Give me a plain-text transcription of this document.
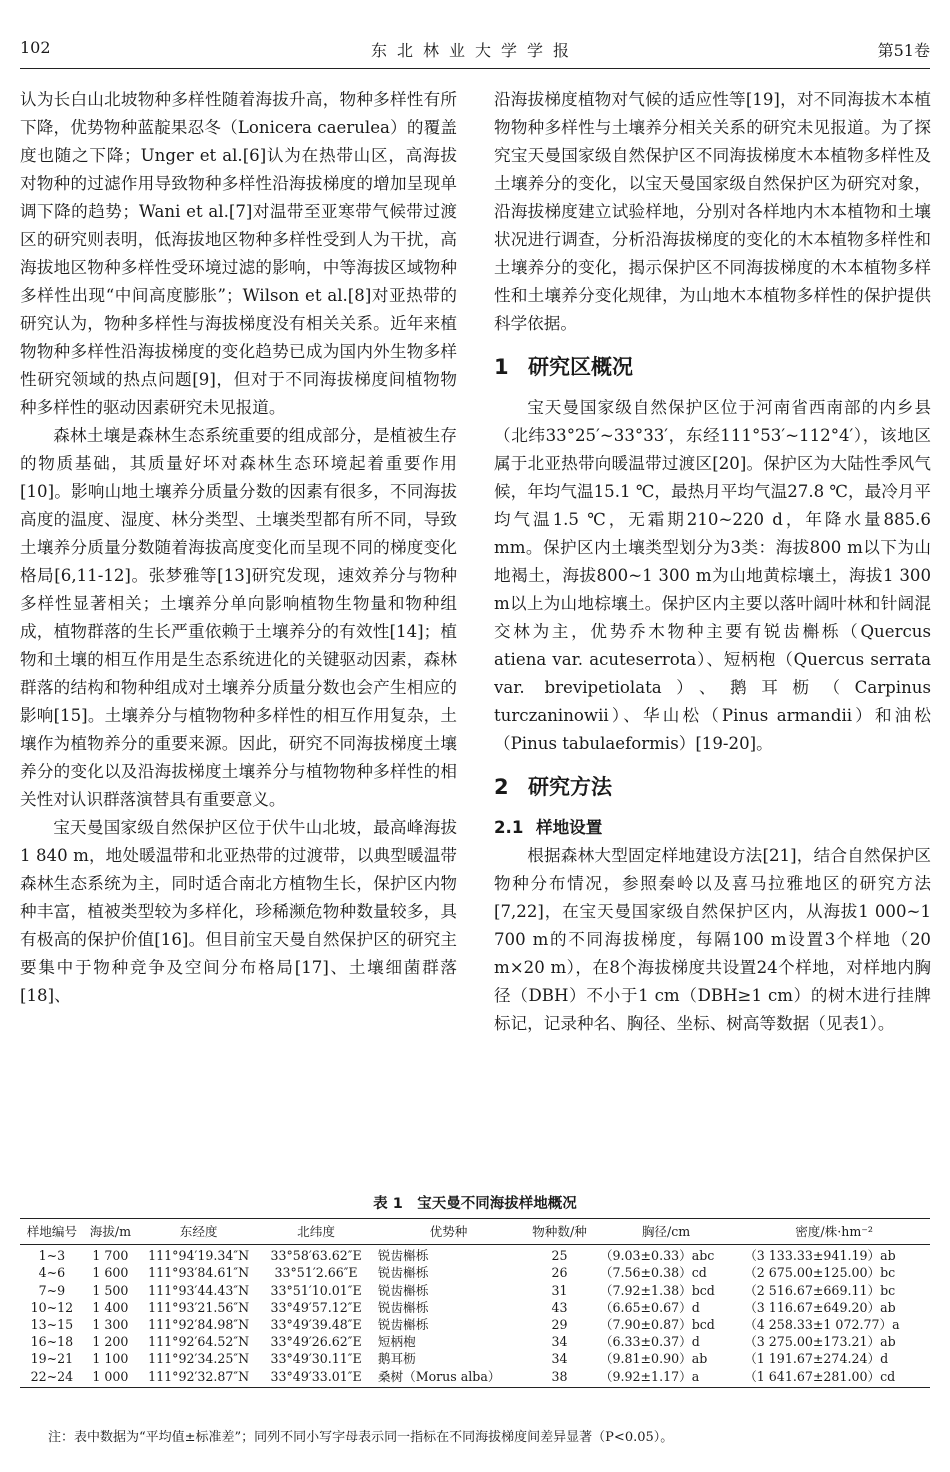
102	东北林业大学学报	第51卷

认为长白山北坡物种多样性随着海拔升高，物种多样性有所下降，优势物种蓝靛果忍冬（Lonicera caerulea）的覆盖度也随之下降；Unger et al.[6]认为在热带山区，高海拔对物种的过滤作用导致物种多样性沿海拔梯度的增加呈现单调下降的趋势；Wani et al.[7]对温带至亚寒带气候带过渡区的研究则表明，低海拔地区物种多样性受到人为干扰，高海拔地区物种多样性受环境过滤的影响，中等海拔区域物种多样性出现“中间高度膨胀”；Wilson et al.[8]对亚热带的研究认为，物种多样性与海拔梯度没有相关关系。近年来植物物种多样性沿海拔梯度的变化趋势已成为国内外生物多样性研究领域的热点问题[9]，但对于不同海拔梯度间植物物种多样性的驱动因素研究未见报道。

森林土壤是森林生态系统重要的组成部分，是植被生存的物质基础，其质量好坏对森林生态环境起着重要作用[10]。影响山地土壤养分质量分数的因素有很多，不同海拔高度的温度、湿度、林分类型、土壤类型都有所不同，导致土壤养分质量分数随着海拔高度变化而呈现不同的梯度变化格局[6,11-12]。张梦雅等[13]研究发现，速效养分与物种多样性显著相关；土壤养分单向影响植物生物量和物种组成，植物群落的生长严重依赖于土壤养分的有效性[14]；植物和土壤的相互作用是生态系统进化的关键驱动因素，森林群落的结构和物种组成对土壤养分质量分数也会产生相应的影响[15]。土壤养分与植物物种多样性的相互作用复杂，土壤作为植物养分的重要来源。因此，研究不同海拔梯度土壤养分的变化以及沿海拔梯度土壤养分与植物物种多样性的相关性对认识群落演替具有重要意义。

宝天曼国家级自然保护区位于伏牛山北坡，最高峰海拔1 840 m，地处暖温带和北亚热带的过渡带，以典型暖温带森林生态系统为主，同时适合南北方植物生长，保护区内物种丰富，植被类型较为多样化，珍稀濒危物种数量较多，具有极高的保护价值[16]。但目前宝天曼自然保护区的研究主要集中于物种竞争及空间分布格局[17]、土壤细菌群落[18]、

沿海拔梯度植物对气候的适应性等[19]，对不同海拔木本植物物种多样性与土壤养分相关关系的研究未见报道。为了探究宝天曼国家级自然保护区不同海拔梯度木本植物多样性及土壤养分的变化，以宝天曼国家级自然保护区为研究对象，沿海拔梯度建立试验样地，分别对各样地内木本植物和土壤状况进行调查，分析沿海拔梯度的变化的木本植物多样性和土壤养分的变化，揭示保护区不同海拔梯度的木本植物多样性和土壤养分变化规律，为山地木本植物多样性的保护提供科学依据。

1 研究区概况

宝天曼国家级自然保护区位于河南省西南部的内乡县（北纬33°25′~33°33′，东经111°53′~112°4′），该地区属于北亚热带向暖温带过渡区[20]。保护区为大陆性季风气候，年均气温15.1 ℃，最热月平均气温27.8 ℃，最冷月平均气温1.5 ℃，无霜期210~220 d，年降水量885.6 mm。保护区内土壤类型划分为3类：海拔800 m以下为山地褐土，海拔800~1 300 m为山地黄棕壤土，海拔1 300 m以上为山地棕壤土。保护区内主要以落叶阔叶林和针阔混交林为主，优势乔木物种主要有锐齿槲栎（Quercus atiena var. acuteserrota）、短柄枹（Quercus serrata var. brevipetiolata）、鹅耳枥（Carpinus turczaninowii）、华山松（Pinus armandii）和油松（Pinus tabulaeformis）[19-20]。

2 研究方法
2.1 样地设置

根据森林大型固定样地建设方法[21]，结合自然保护区物种分布情况，参照秦岭以及喜马拉雅地区的研究方法[7,22]，在宝天曼国家级自然保护区内，从海拔1 000~1 700 m的不同海拔梯度，每隔100 m设置3个样地（20 m×20 m），在8个海拔梯度共设置24个样地，对样地内胸径（DBH）不小于1 cm（DBH≥1 cm）的树木进行挂牌标记，记录种名、胸径、坐标、树高等数据（见表1）。

表 1　宝天曼不同海拔样地概况
样地编号	海拔/m	东经度	北纬度	优势种	物种数/种	胸径/cm	密度/株·hm⁻²
1~3	1 700	111°94′19.34″N	33°58′63.62″E	锐齿槲栎	25	（9.03±0.33）abc	（3 133.33±941.19）ab
4~6	1 600	111°93′84.61″N	33°51′2.66″E	锐齿槲栎	26	（7.56±0.38）cd	（2 675.00±125.00）bc
7~9	1 500	111°93′44.43″N	33°51′10.01″E	锐齿槲栎	31	（7.92±1.38）bcd	（2 516.67±669.11）bc
10~12	1 400	111°93′21.56″N	33°49′57.12″E	锐齿槲栎	43	（6.65±0.67）d	（3 116.67±649.20）ab
13~15	1 300	111°92′84.98″N	33°49′39.48″E	锐齿槲栎	29	（7.90±0.87）bcd	（4 258.33±1 072.77）a
16~18	1 200	111°92′64.52″N	33°49′26.62″E	短柄枹	34	（6.33±0.37）d	（3 275.00±173.21）ab
19~21	1 100	111°92′34.25″N	33°49′30.11″E	鹅耳枥	34	（9.81±0.90）ab	（1 191.67±274.24）d
22~24	1 000	111°92′32.87″N	33°49′33.01″E	桑树（Morus alba）	38	（9.92±1.17）a	（1 641.67±281.00）cd
注：表中数据为“平均值±标准差”；同列不同小写字母表示同一指标在不同海拔梯度间差异显著（P<0.05）。
